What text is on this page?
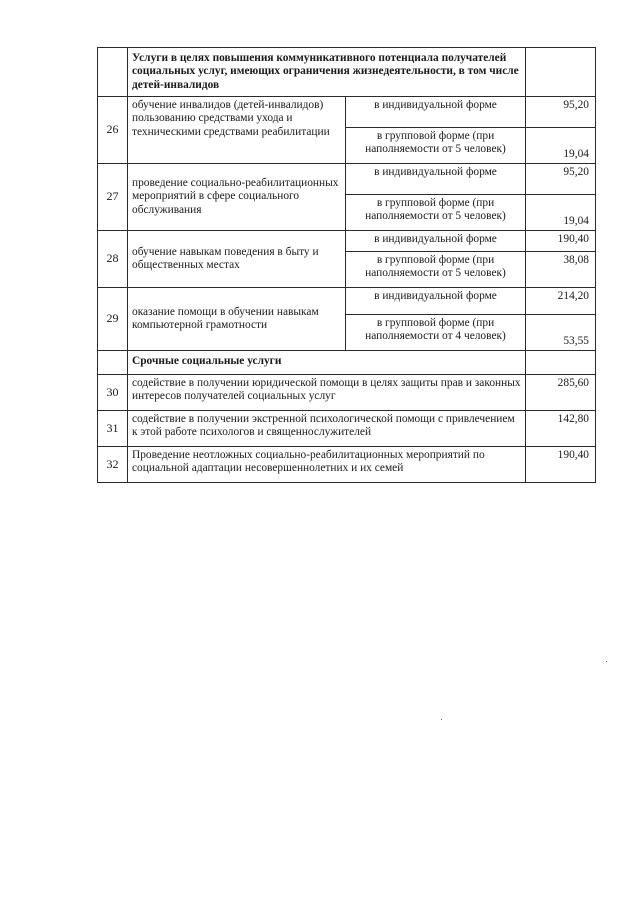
	Услуги в целях повышения коммуникативного потенциала получателей социальных услуг, имеющих ограничения жизнедеятельности, в том числе детей-инвалидов		
26	обучение инвалидов (детей-инвалидов) пользованию средствами ухода и техническими средствами реабилитации	в индивидуальной форме	95,20
		в групповой форме (при наполняемости от 5 человек)	19,04
27	проведение социально-реабилитационных мероприятий в сфере социального обслуживания	в индивидуальной форме	95,20
		в групповой форме (при наполняемости от 5 человек)	19,04
28	обучение навыкам поведения в быту и общественных местах	в индивидуальной форме	190,40
		в групповой форме (при наполняемости от 5 человек)	38,08
29	оказание помощи в обучении навыкам компьютерной грамотности	в индивидуальной форме	214,20
		в групповой форме (при наполняемости от 4 человек)	53,55
	Срочные социальные услуги		
30	содействие в получении юридической помощи в целях защиты прав и законных интересов получателей социальных услуг		285,60
31	содействие в получении экстренной психологической помощи с привлечением к этой работе психологов и священнослужителей		142,80
32	Проведение неотложных социально-реабилитационных мероприятий по социальной адаптации несовершеннолетних и их семей		190,40
